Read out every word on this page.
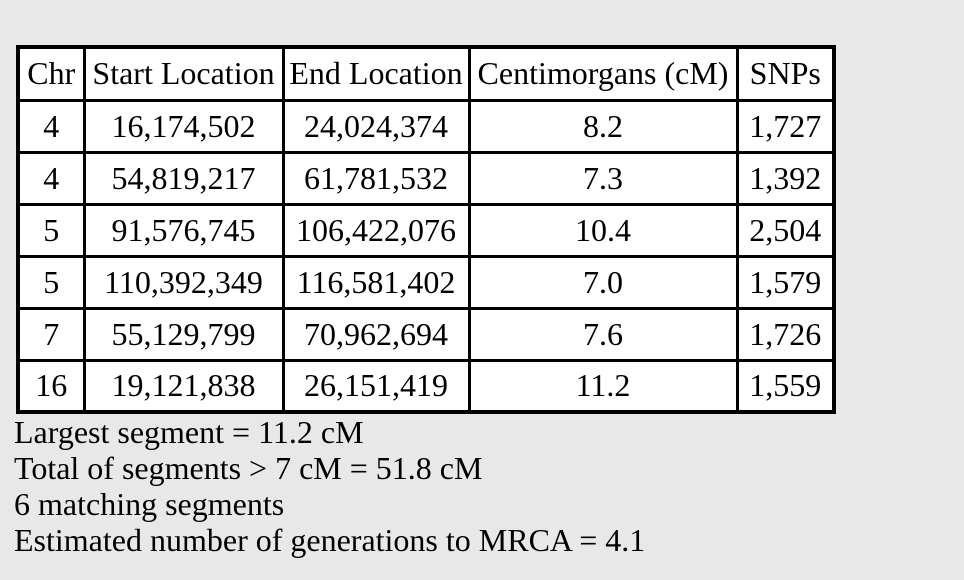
Chr	Start Location	End Location	Centimorgans (cM)	SNPs
4	16,174,502	24,024,374	8.2	1,727
4	54,819,217	61,781,532	7.3	1,392
5	91,576,745	106,422,076	10.4	2,504
5	110,392,349	116,581,402	7.0	1,579
7	55,129,799	70,962,694	7.6	1,726
16	19,121,838	26,151,419	11.2	1,559
Largest segment = 11.2 cM
Total of segments > 7 cM = 51.8 cM
6 matching segments
Estimated number of generations to MRCA = 4.1
